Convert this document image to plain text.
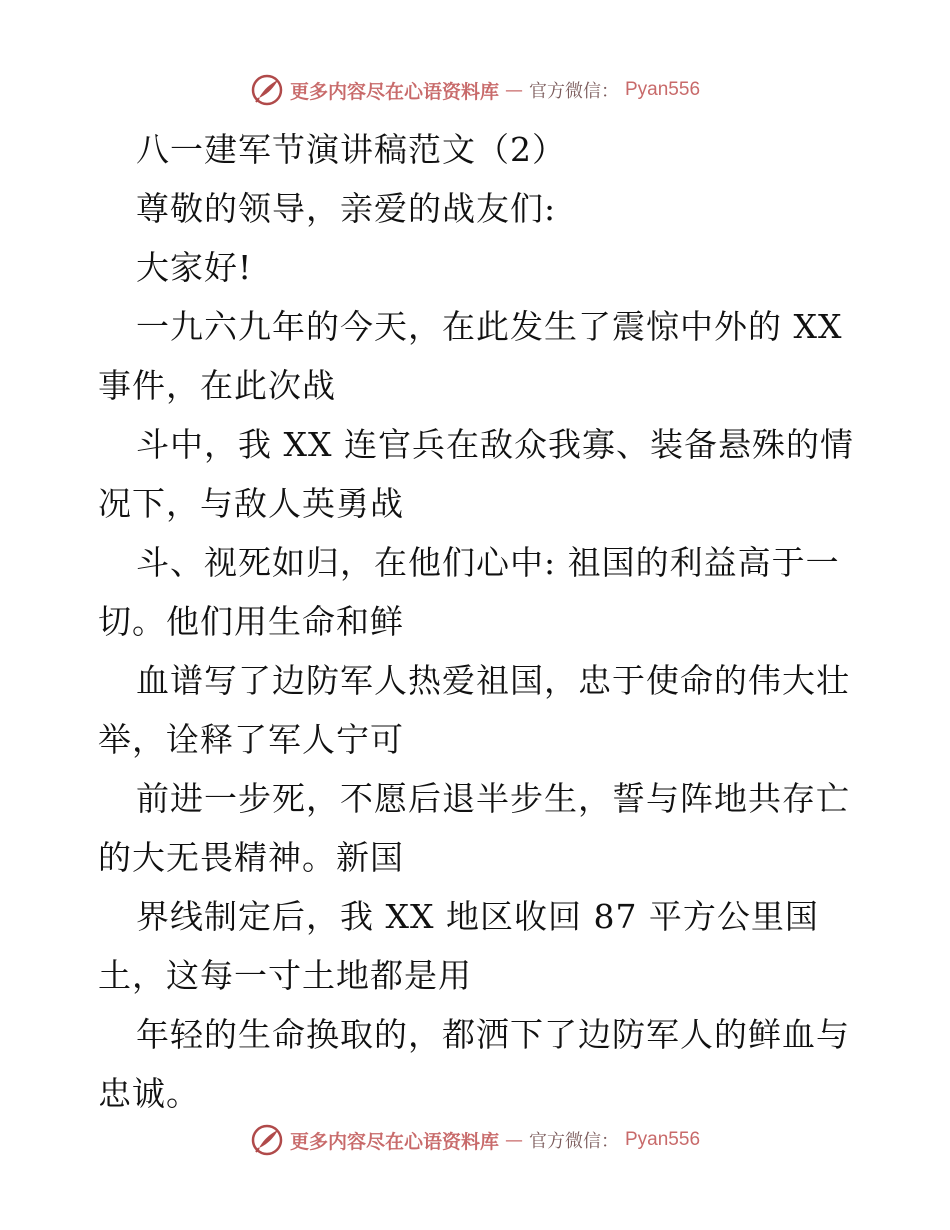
更多内容尽在心语资料库 — 官方微信： Pyan556
八一建军节演讲稿范文（2）
尊敬的领导，亲爱的战友们:
大家好!
一九六九年的今天，在此发生了震惊中外的 XX
事件，在此次战
斗中，我 XX 连官兵在敌众我寡、装备悬殊的情
况下，与敌人英勇战
斗、视死如归，在他们心中: 祖国的利益高于一
切。他们用生命和鲜
血谱写了边防军人热爱祖国，忠于使命的伟大壮
举，诠释了军人宁可
前进一步死，不愿后退半步生，誓与阵地共存亡
的大无畏精神。新国
界线制定后，我 XX 地区收回 87 平方公里国
土，这每一寸土地都是用
年轻的生命换取的，都洒下了边防军人的鲜血与
忠诚。
更多内容尽在心语资料库 — 官方微信： Pyan556
